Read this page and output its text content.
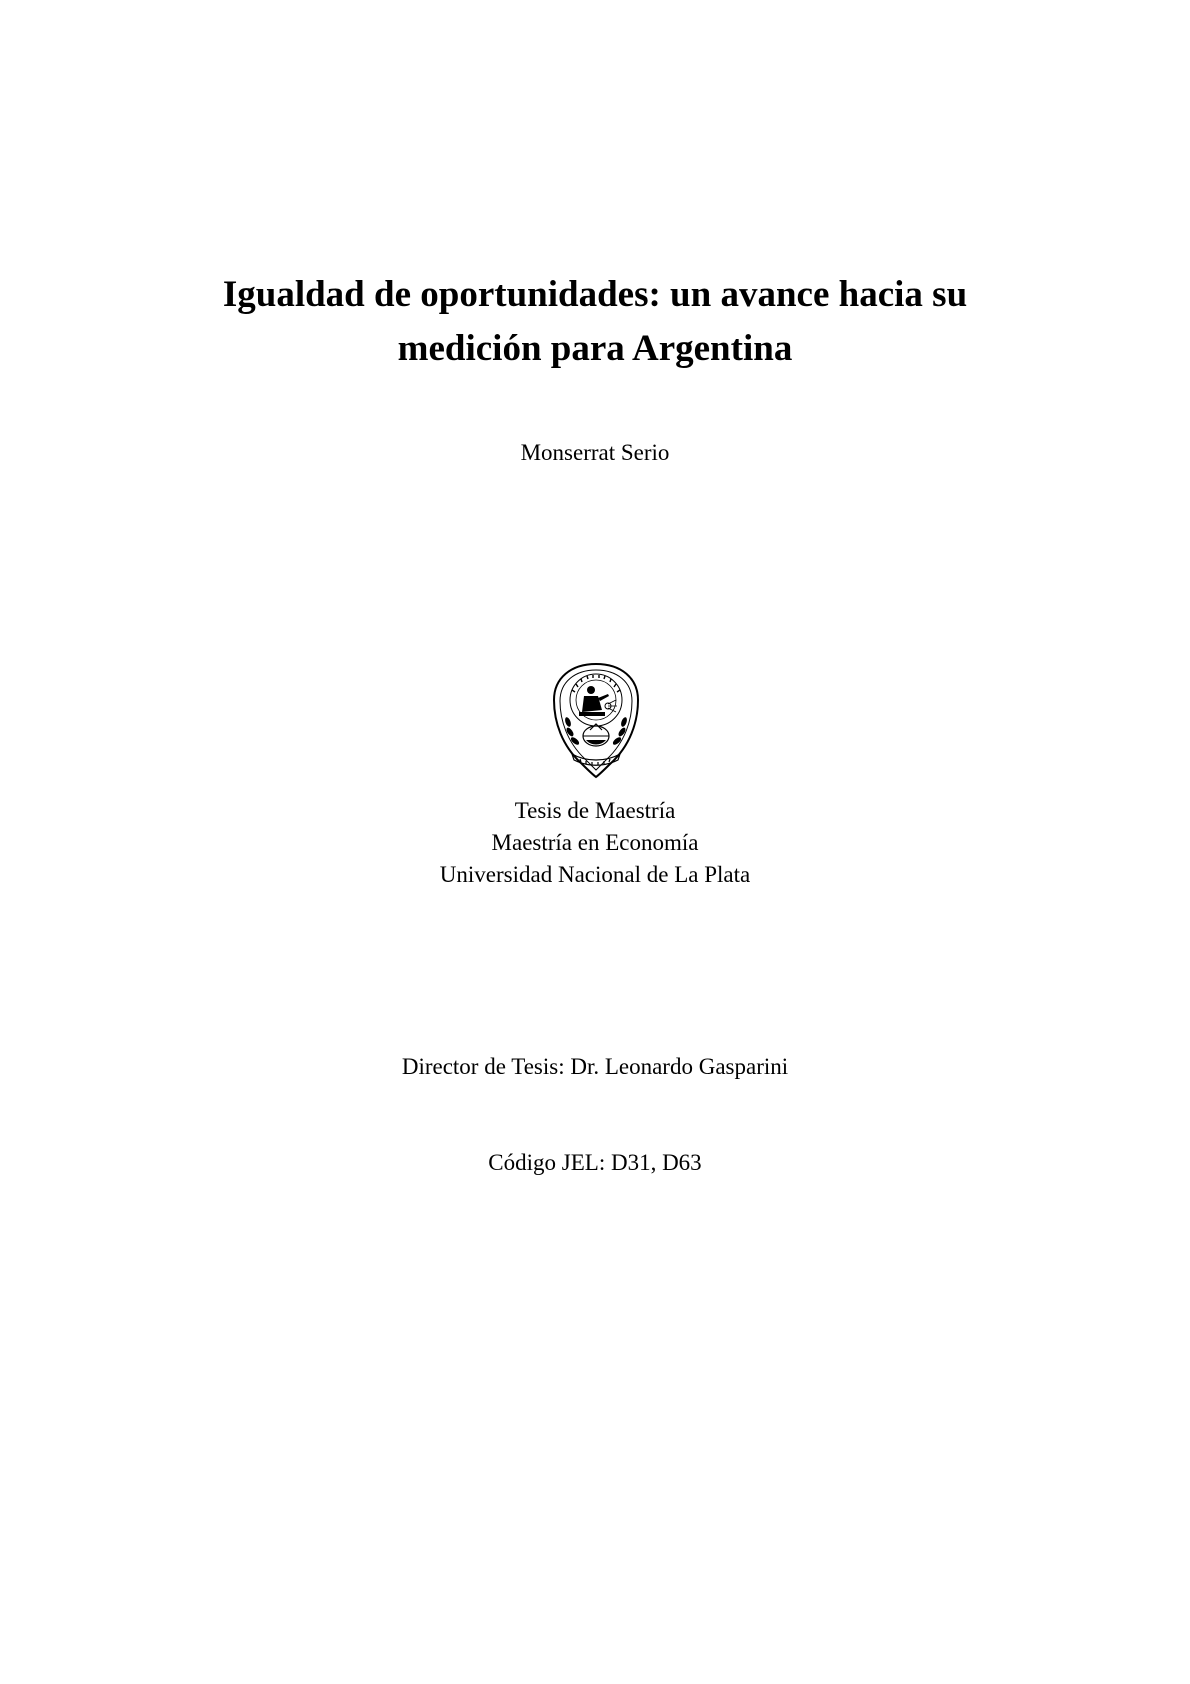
Igualdad de oportunidades: un avance hacia su
medición para Argentina
Monserrat Serio
Tesis de Maestría
Maestría en Economía
Universidad Nacional de La Plata
Director de Tesis: Dr. Leonardo Gasparini
Código JEL: D31, D63
